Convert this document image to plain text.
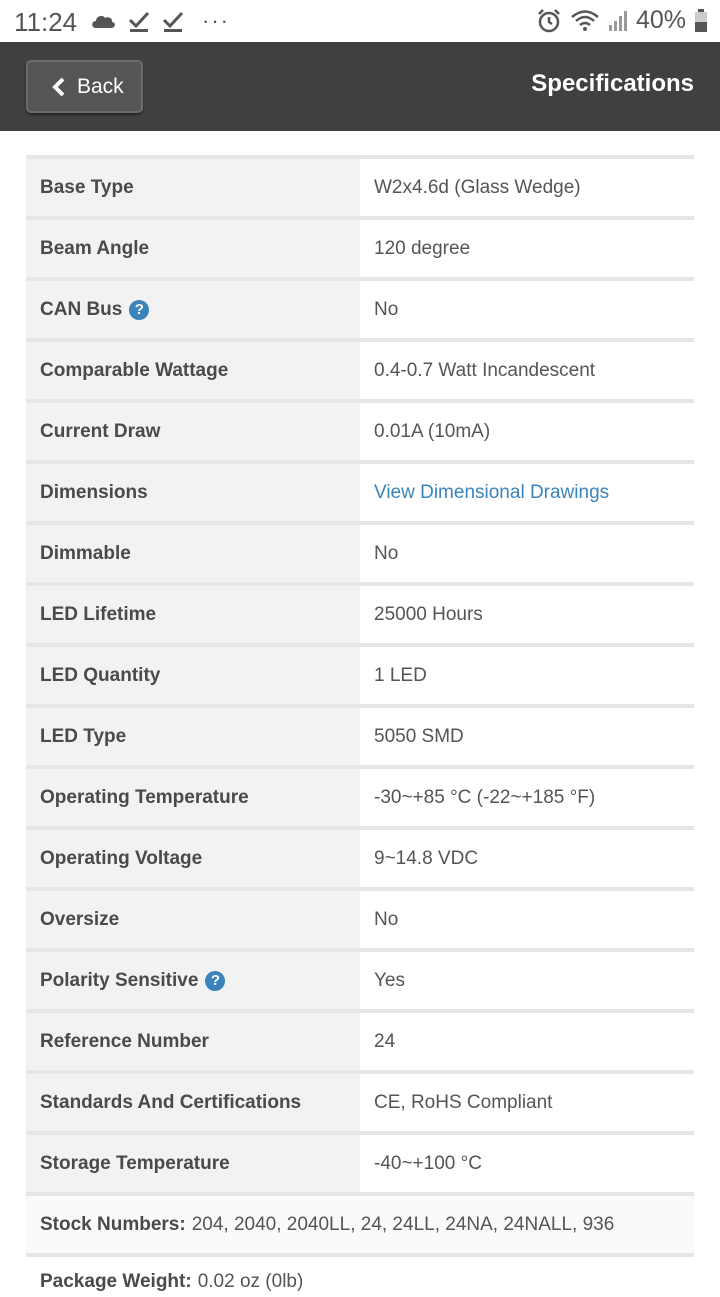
11:24	···	40%
Back	Specifications
Base Type	W2x4.6d (Glass Wedge)
Beam Angle	120 degree
CAN Bus ?	No
Comparable Wattage	0.4-0.7 Watt Incandescent
Current Draw	0.01A (10mA)
Dimensions	View Dimensional Drawings
Dimmable	No
LED Lifetime	25000 Hours
LED Quantity	1 LED
LED Type	5050 SMD
Operating Temperature	-30~+85 °C (-22~+185 °F)
Operating Voltage	9~14.8 VDC
Oversize	No
Polarity Sensitive ?	Yes
Reference Number	24
Standards And Certifications	CE, RoHS Compliant
Storage Temperature	-40~+100 °C
Stock Numbers: 204, 2040, 2040LL, 24, 24LL, 24NA, 24NALL, 936
Package Weight: 0.02 oz (0lb)
